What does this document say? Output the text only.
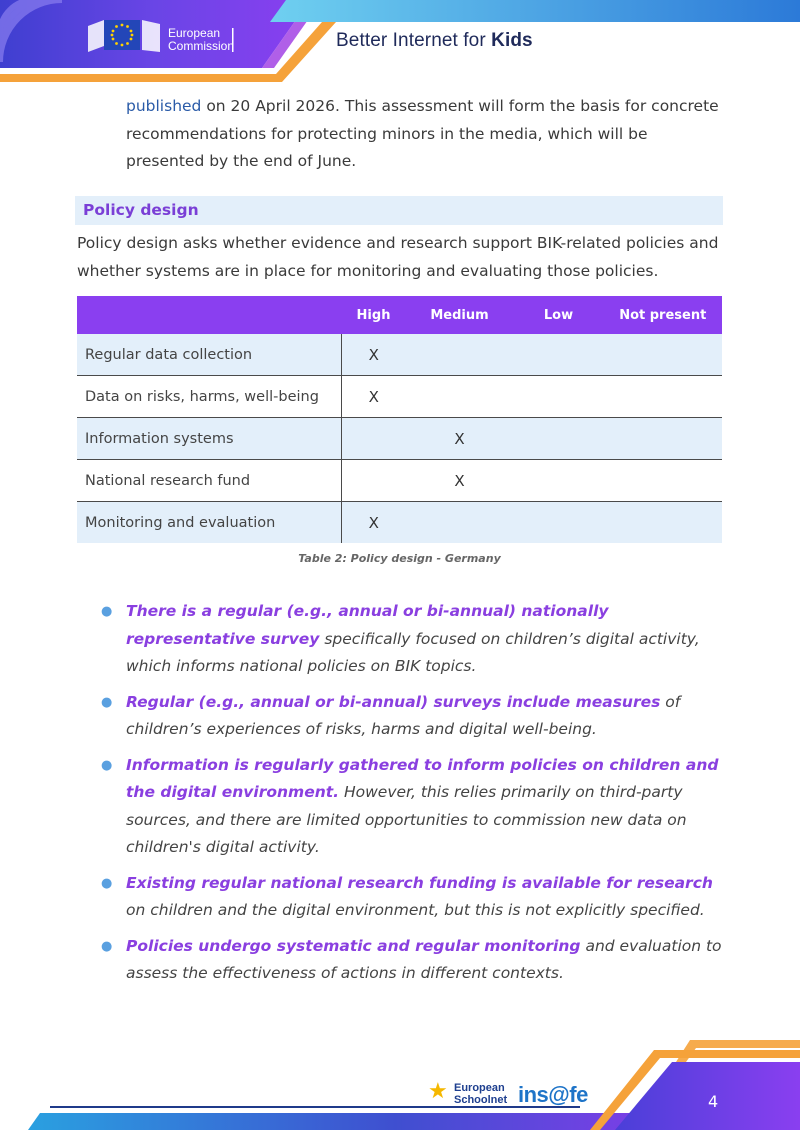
European
Commission	Better Internet for Kids
published on 20 April 2026. This assessment will form the basis for concrete recommendations for protecting minors in the media, which will be presented by the end of June.
Policy design
Policy design asks whether evidence and research support BIK-related policies and whether systems are in place for monitoring and evaluating those policies.
	High	Medium	Low	Not present
Regular data collection	X			
Data on risks, harms, well-being	X			
Information systems		X		
National research fund		X		
Monitoring and evaluation	X			
Table 2: Policy design - Germany
● There is a regular (e.g., annual or bi-annual) nationally representative survey specifically focused on children’s digital activity, which informs national policies on BIK topics.
● Regular (e.g., annual or bi-annual) surveys include measures of children’s experiences of risks, harms and digital well-being.
● Information is regularly gathered to inform policies on children and the digital environment. However, this relies primarily on third-party sources, and there are limited opportunities to commission new data on children's digital activity.
● Existing regular national research funding is available for research on children and the digital environment, but this is not explicitly specified.
● Policies undergo systematic and regular monitoring and evaluation to assess the effectiveness of actions in different contexts.
★ European
Schoolnet ins@fe	4
